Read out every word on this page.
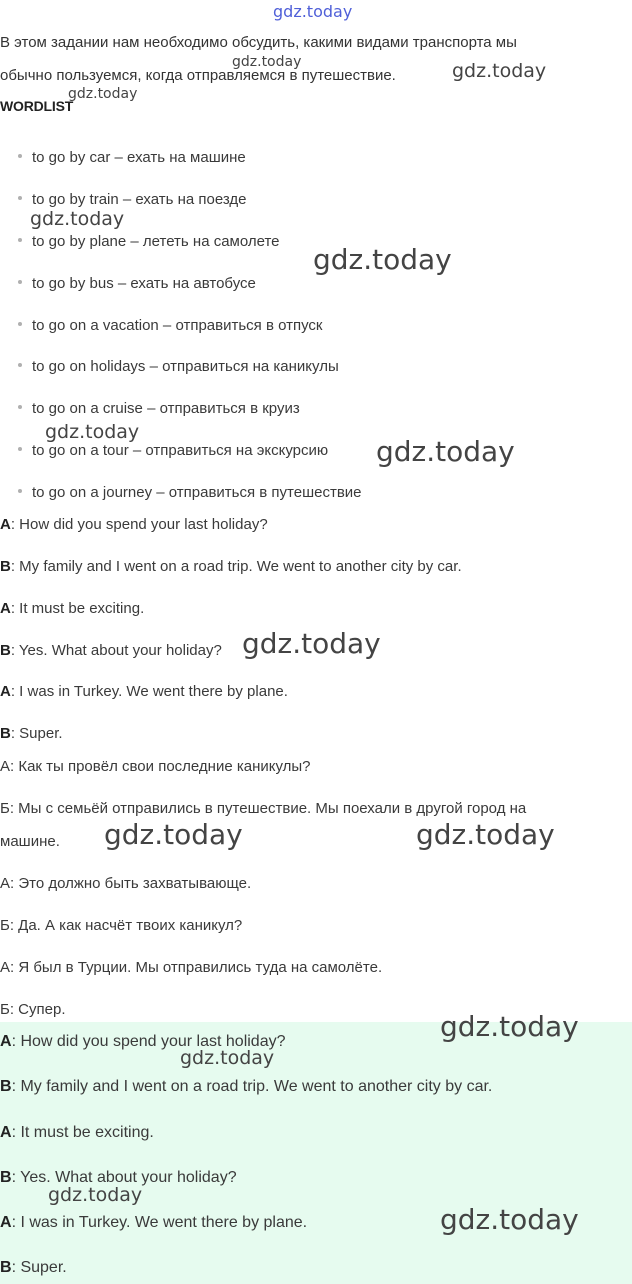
gdz.today
В этом задании нам необходимо обсудить, какими видами транспорта мы
обычно пользуемся, когда отправляемся в путешествие.
WORDLIST
to go by car – ехать на машине
to go by train – ехать на поезде
to go by plane – лететь на самолете
to go by bus – ехать на автобусе
to go on a vacation – отправиться в отпуск
to go on holidays – отправиться на каникулы
to go on a cruise – отправиться в круиз
to go on a tour – отправиться на экскурсию
to go on a journey – отправиться в путешествие
A: How did you spend your last holiday?
B: My family and I went on a road trip. We went to another city by car.
A: It must be exciting.
B: Yes. What about your holiday?
A: I was in Turkey. We went there by plane.
B: Super.
А: Как ты провёл свои последние каникулы?
Б: Мы с семьёй отправились в путешествие. Мы поехали в другой город на
машине.
А: Это должно быть захватывающе.
Б: Да. А как насчёт твоих каникул?
А: Я был в Турции. Мы отправились туда на самолёте.
Б: Супер.
A: How did you spend your last holiday?
B: My family and I went on a road trip. We went to another city by car.
A: It must be exciting.
B: Yes. What about your holiday?
A: I was in Turkey. We went there by plane.
B: Super.
gdz.today	gdz.today
gdz.today
gdz.today
gdz.today
gdz.today
gdz.today
gdz.today
gdz.today	gdz.today
gdz.today
gdz.today
gdz.today
gdz.today
